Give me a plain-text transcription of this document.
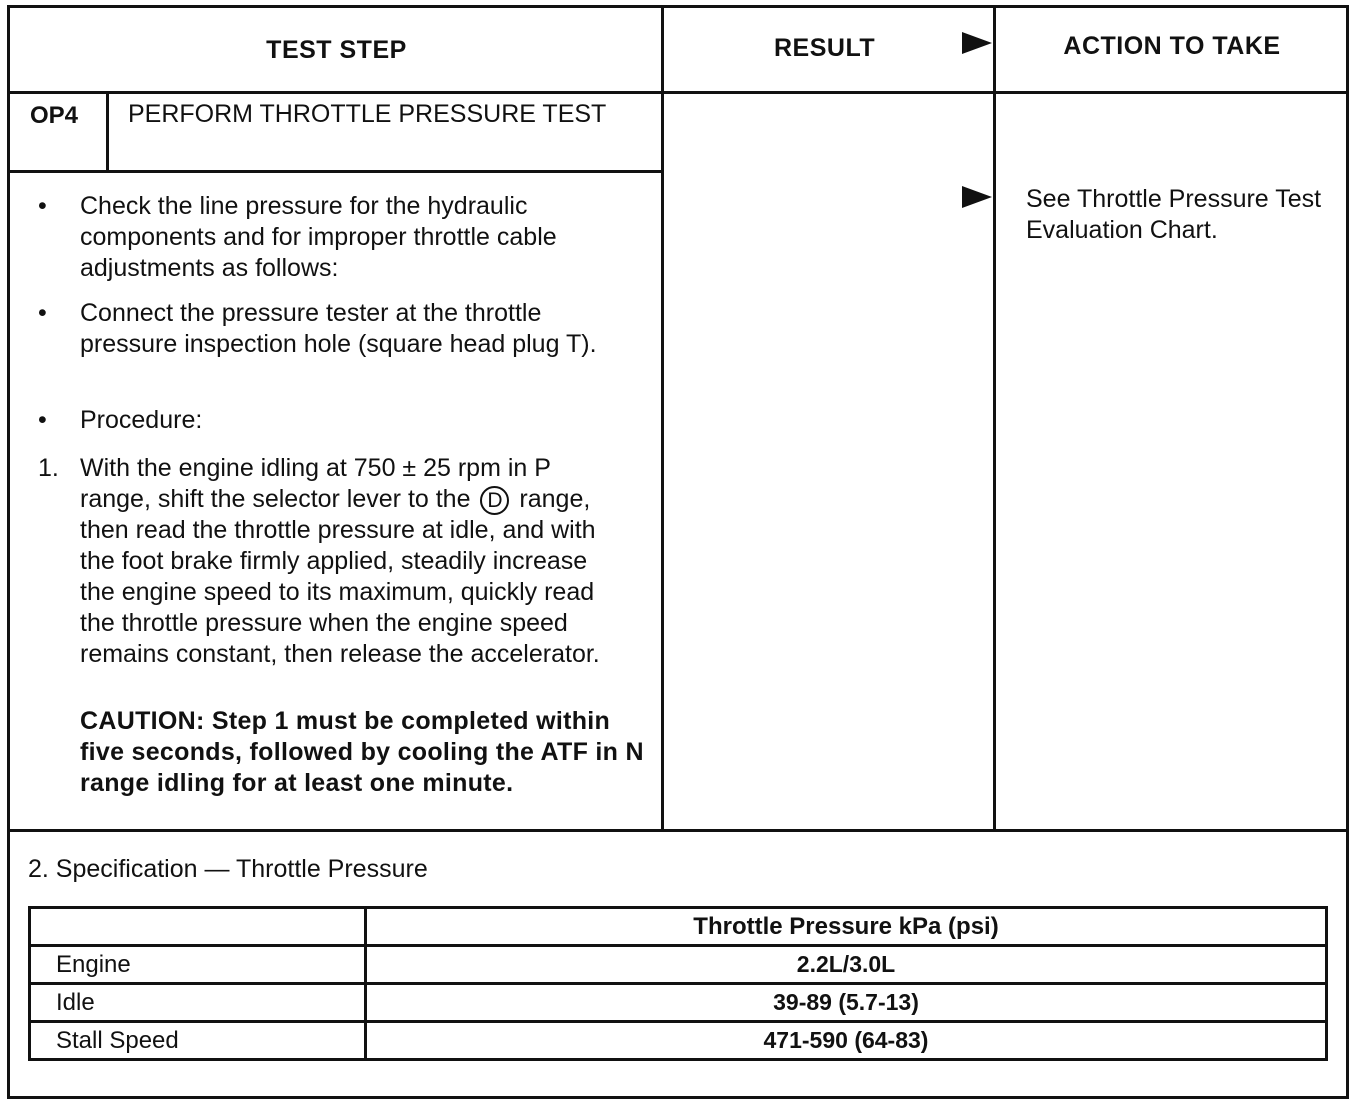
TEST STEP	RESULT	ACTION TO TAKE
OP4 PERFORM THROTTLE PRESSURE TEST
•	Check the line pressure for the hydraulic components and for improper throttle cable adjustments as follows:
•	Connect the pressure tester at the throttle pressure inspection hole (square head plug T).
•	Procedure:
1. With the engine idling at 750 ± 25 rpm in P range, shift the selector lever to the D range, then read the throttle pressure at idle, and with the foot brake firmly applied, steadily increase the engine speed to its maximum, quickly read the throttle pressure when the engine speed remains constant, then release the accelerator.
CAUTION: Step 1 must be completed within five seconds, followed by cooling the ATF in N range idling for at least one minute.
See Throttle Pressure Test Evaluation Chart.
2. Specification — Throttle Pressure
	Throttle Pressure kPa (psi)
Engine	2.2L/3.0L
Idle	39-89 (5.7-13)
Stall Speed	471-590 (64-83)
